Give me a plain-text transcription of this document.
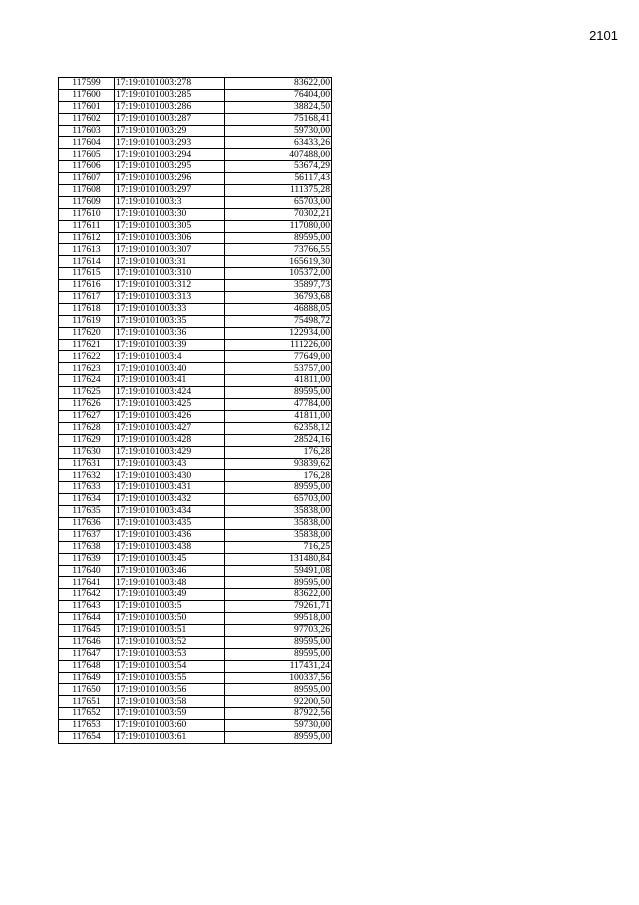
2101
117599	17:19:0101003:278	83622,00
117600	17:19:0101003:285	76404,00
117601	17:19:0101003:286	38824,50
117602	17:19:0101003:287	75168,41
117603	17:19:0101003:29	59730,00
117604	17:19:0101003:293	63433,26
117605	17:19:0101003:294	407488,00
117606	17:19:0101003:295	53674,29
117607	17:19:0101003:296	56117,43
117608	17:19:0101003:297	111375,28
117609	17:19:0101003:3	65703,00
117610	17:19:0101003:30	70302,21
117611	17:19:0101003:305	117080,00
117612	17:19:0101003:306	89595,00
117613	17:19:0101003:307	73766,55
117614	17:19:0101003:31	165619,30
117615	17:19:0101003:310	105372,00
117616	17:19:0101003:312	35897,73
117617	17:19:0101003:313	36793,68
117618	17:19:0101003:33	46888,05
117619	17:19:0101003:35	75498,72
117620	17:19:0101003:36	122934,00
117621	17:19:0101003:39	111226,00
117622	17:19:0101003:4	77649,00
117623	17:19:0101003:40	53757,00
117624	17:19:0101003:41	41811,00
117625	17:19:0101003:424	89595,00
117626	17:19:0101003:425	47784,00
117627	17:19:0101003:426	41811,00
117628	17:19:0101003:427	62358,12
117629	17:19:0101003:428	28524,16
117630	17:19:0101003:429	176,28
117631	17:19:0101003:43	93839,62
117632	17:19:0101003:430	176,28
117633	17:19:0101003:431	89595,00
117634	17:19:0101003:432	65703,00
117635	17:19:0101003:434	35838,00
117636	17:19:0101003:435	35838,00
117637	17:19:0101003:436	35838,00
117638	17:19:0101003:438	716,25
117639	17:19:0101003:45	131480,84
117640	17:19:0101003:46	59491,08
117641	17:19:0101003:48	89595,00
117642	17:19:0101003:49	83622,00
117643	17:19:0101003:5	79261,71
117644	17:19:0101003:50	99518,00
117645	17:19:0101003:51	97703,26
117646	17:19:0101003:52	89595,00
117647	17:19:0101003:53	89595,00
117648	17:19:0101003:54	117431,24
117649	17:19:0101003:55	100337,56
117650	17:19:0101003:56	89595,00
117651	17:19:0101003:58	92200,50
117652	17:19:0101003:59	87922,56
117653	17:19:0101003:60	59730,00
117654	17:19:0101003:61	89595,00
